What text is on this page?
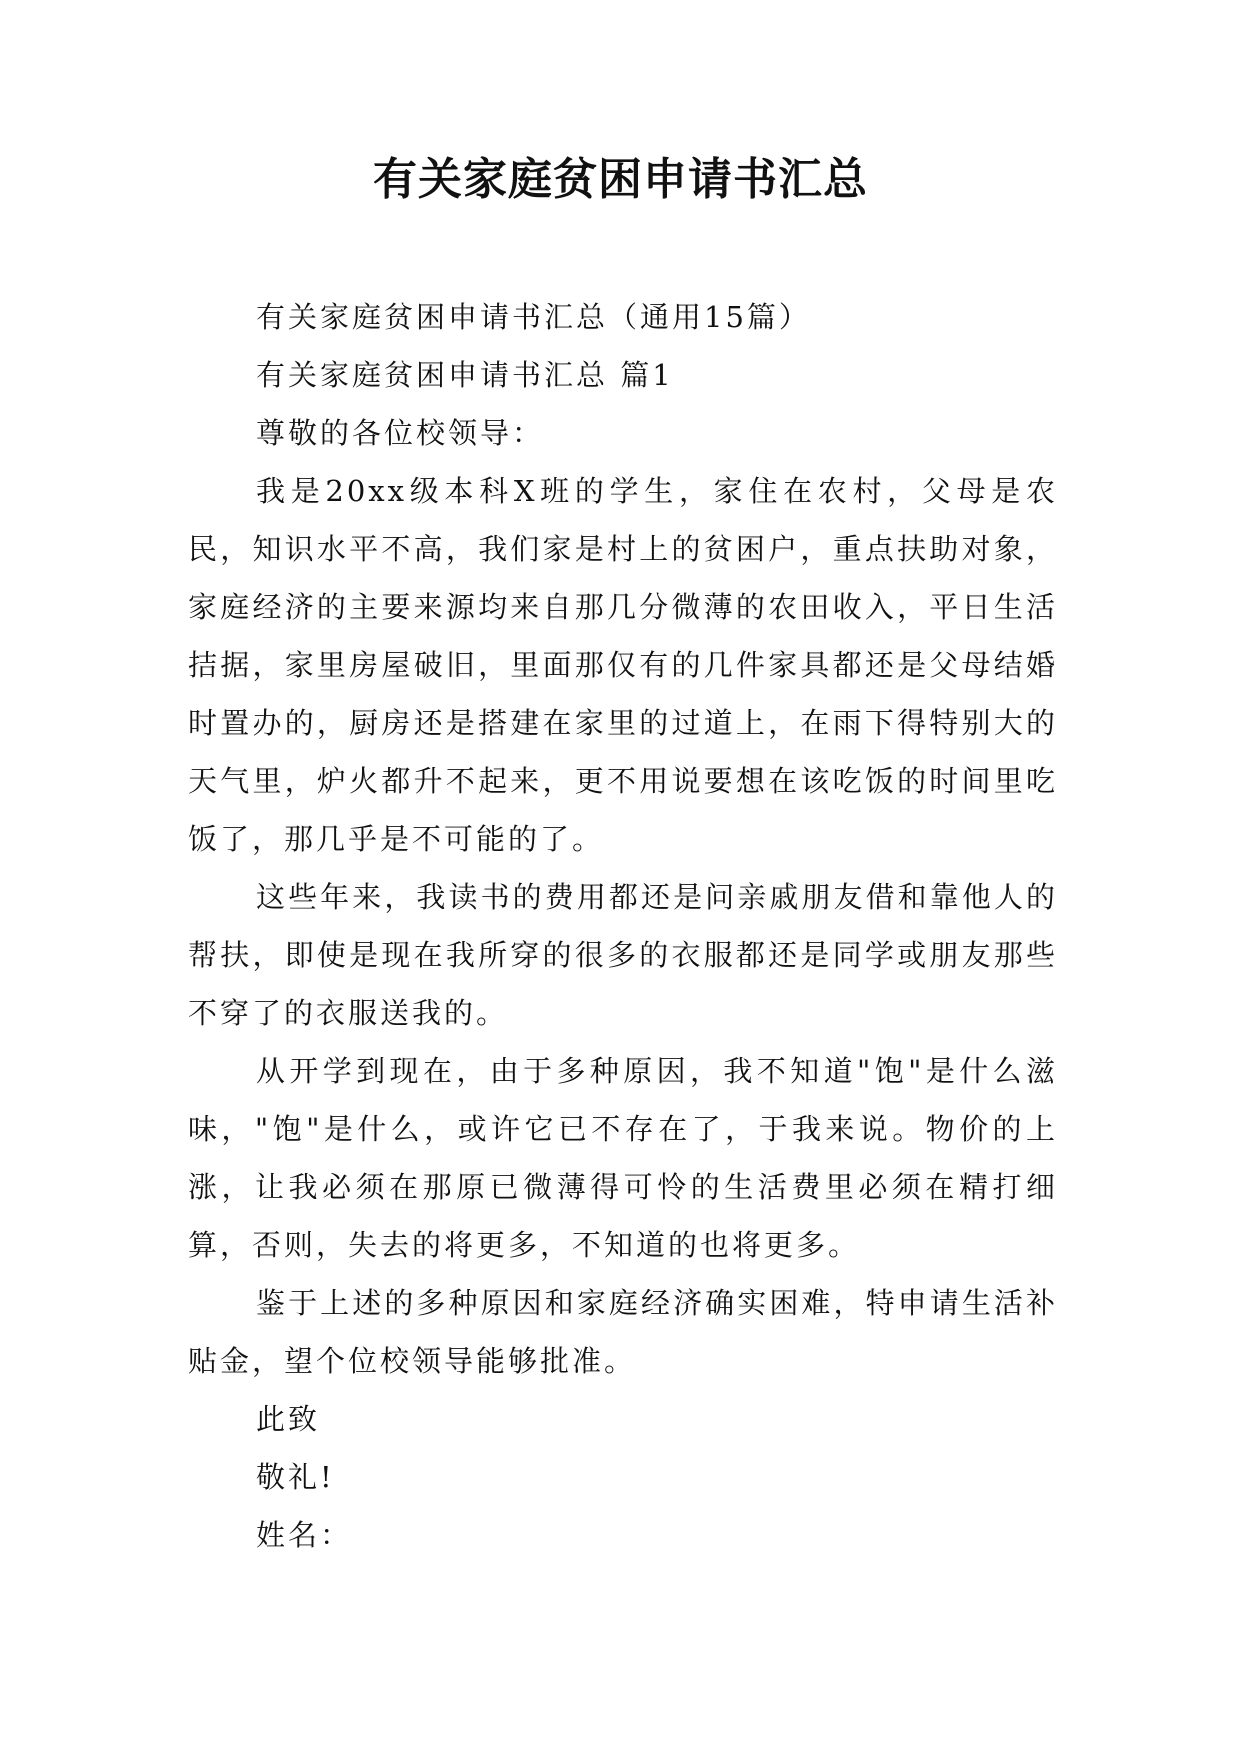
有关家庭贫困申请书汇总

有关家庭贫困申请书汇总（通用15篇）

有关家庭贫困申请书汇总 篇1

尊敬的各位校领导：

我是20xx级本科X班的学生，家住在农村，父母是农民，知识水平不高，我们家是村上的贫困户，重点扶助对象，家庭经济的主要来源均来自那几分微薄的农田收入，平日生活拮据，家里房屋破旧，里面那仅有的几件家具都还是父母结婚时置办的，厨房还是搭建在家里的过道上，在雨下得特别大的天气里，炉火都升不起来，更不用说要想在该吃饭的时间里吃饭了，那几乎是不可能的了。

这些年来，我读书的费用都还是问亲戚朋友借和靠他人的帮扶，即使是现在我所穿的很多的衣服都还是同学或朋友那些不穿了的衣服送我的。

从开学到现在，由于多种原因，我不知道"饱"是什么滋味，"饱"是什么，或许它已不存在了，于我来说。物价的上涨，让我必须在那原已微薄得可怜的生活费里必须在精打细算，否则，失去的将更多，不知道的也将更多。

鉴于上述的多种原因和家庭经济确实困难，特申请生活补贴金，望个位校领导能够批准。

此致

敬礼!

姓名：
